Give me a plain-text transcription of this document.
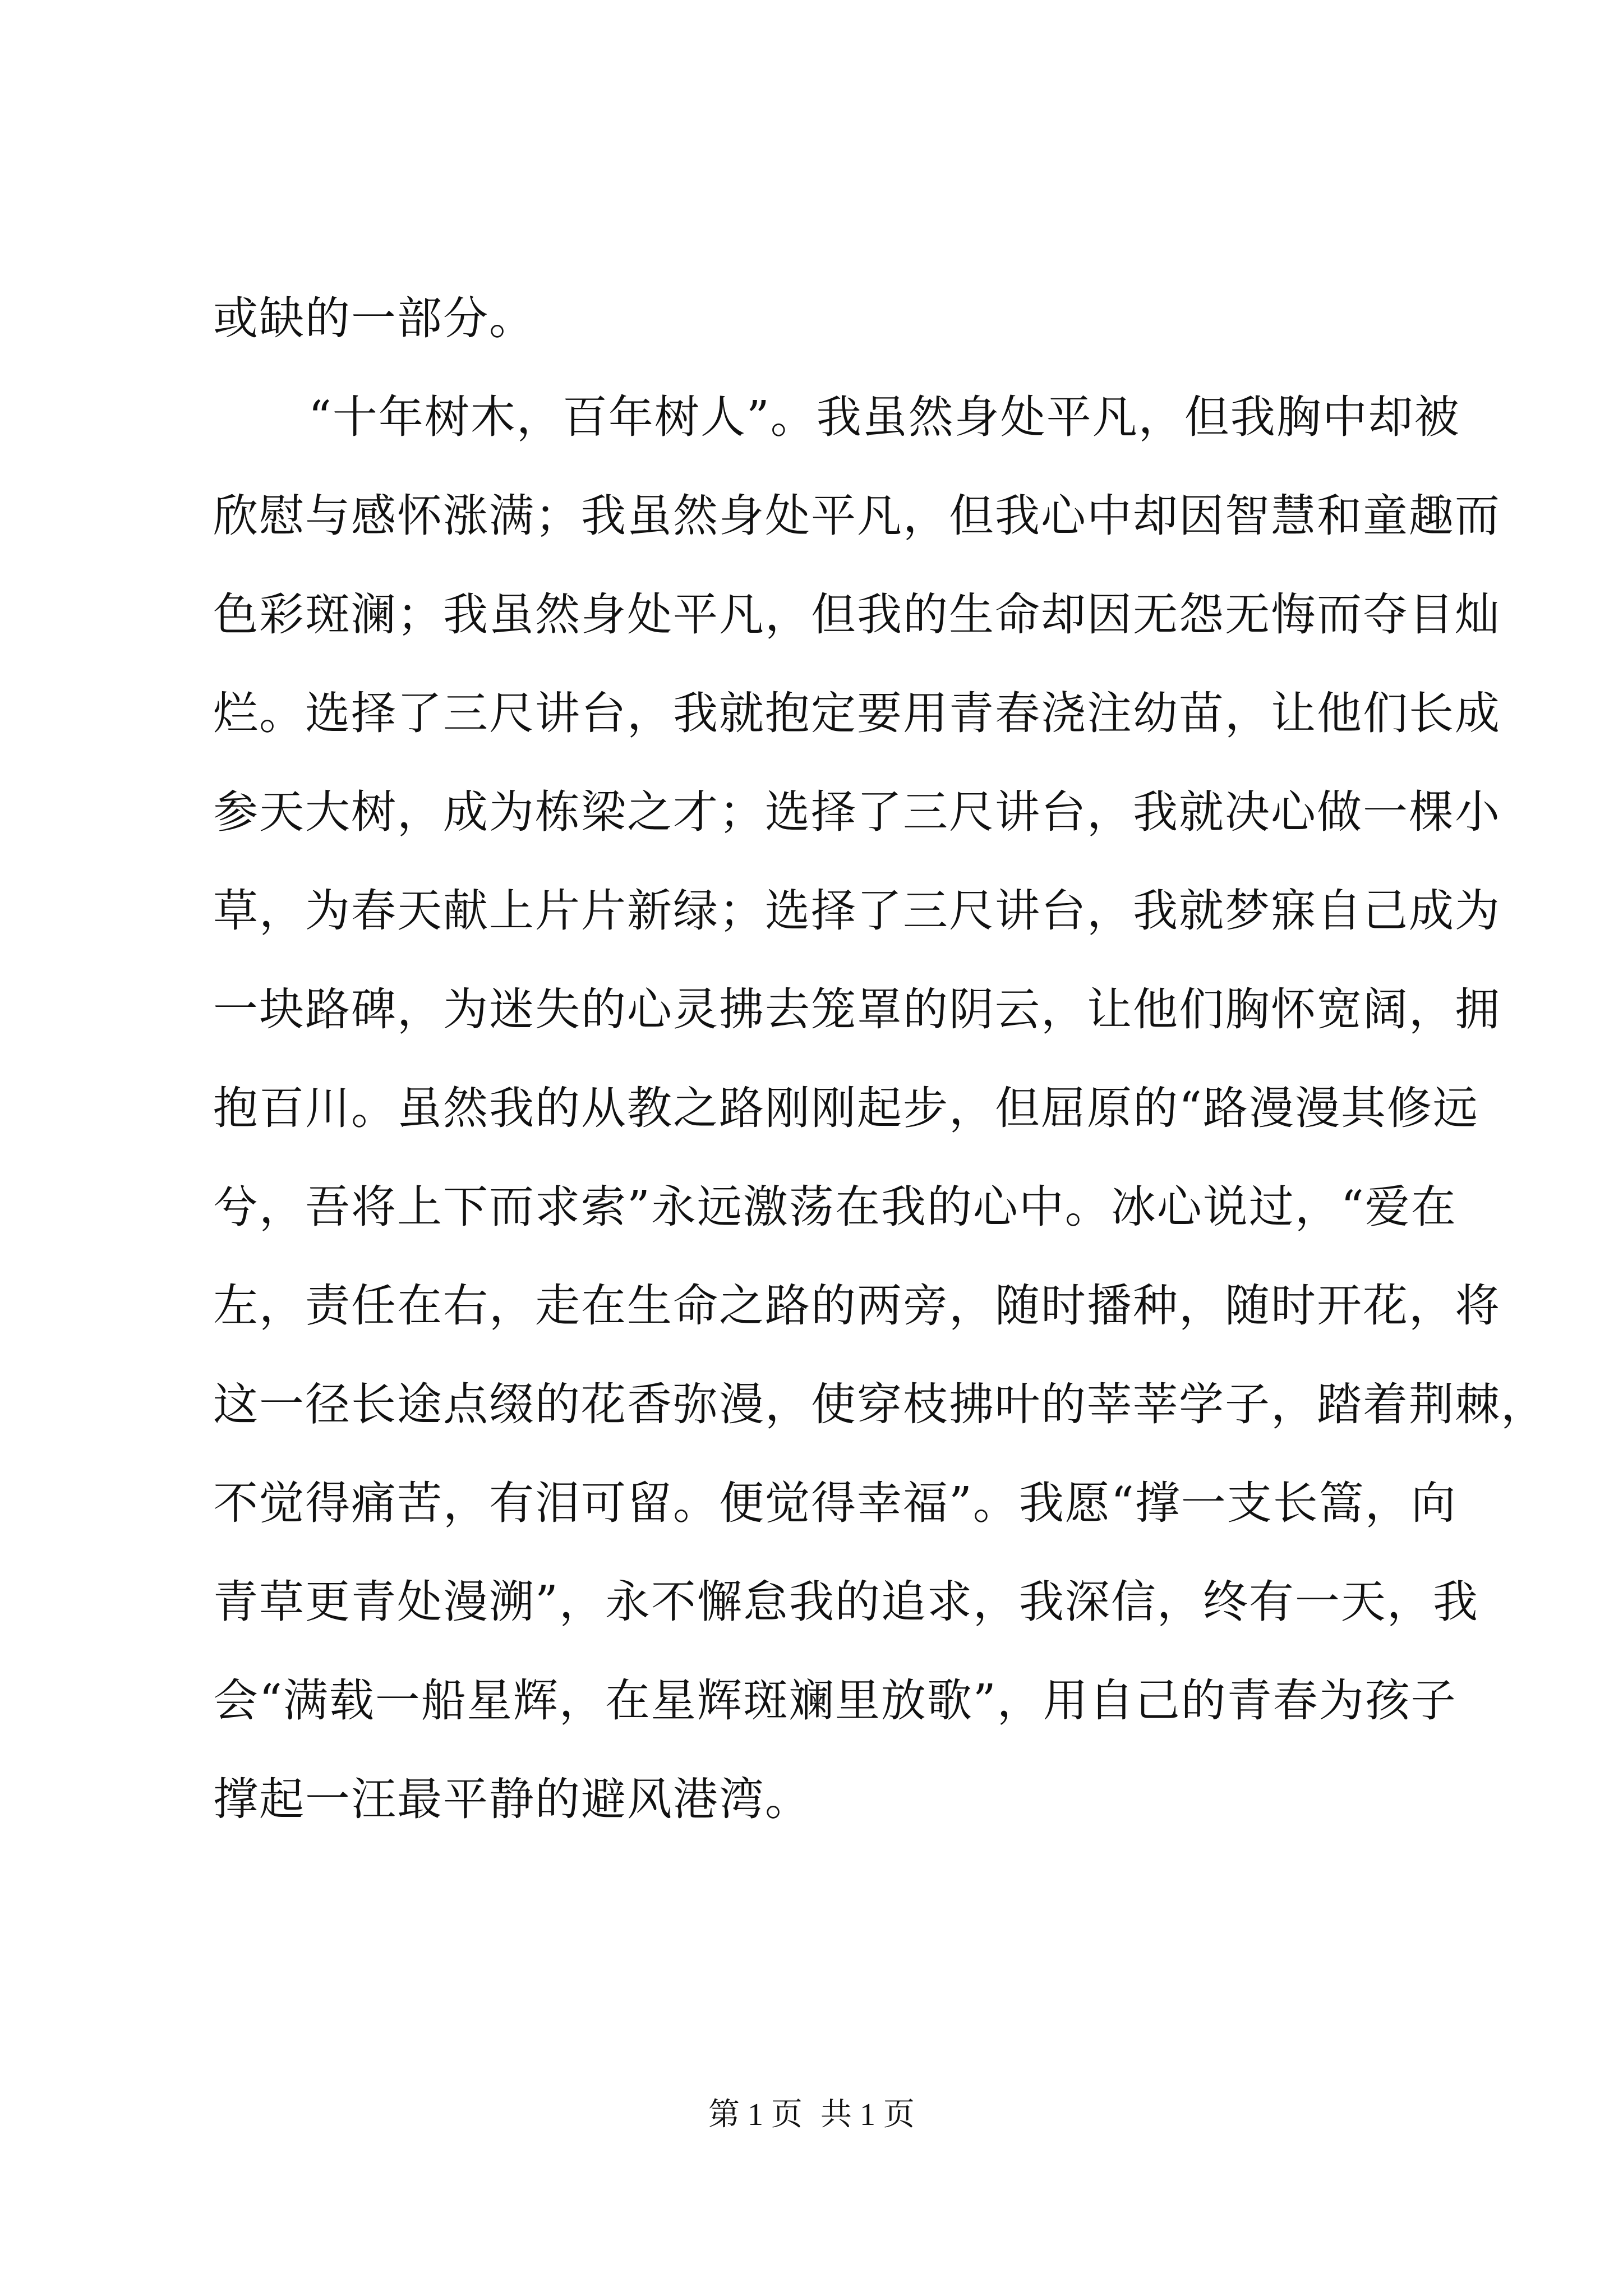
或缺的一部分。
“十年树木，百年树人”。我虽然身处平凡，但我胸中却被
欣慰与感怀涨满；我虽然身处平凡，但我心中却因智慧和童趣而
色彩斑澜；我虽然身处平凡，但我的生命却因无怨无悔而夺目灿
烂。选择了三尺讲台，我就抱定要用青春浇注幼苗，让他们长成
参天大树，成为栋梁之才；选择了三尺讲台，我就决心做一棵小
草，为春天献上片片新绿；选择了三尺讲台，我就梦寐自己成为
一块路碑，为迷失的心灵拂去笼罩的阴云，让他们胸怀宽阔，拥
抱百川。虽然我的从教之路刚刚起步，但屈原的“路漫漫其修远
兮，吾将上下而求索”永远激荡在我的心中。冰心说过，“爱在
左，责任在右，走在生命之路的两旁，随时播种，随时开花，将
这一径长途点缀的花香弥漫，使穿枝拂叶的莘莘学子，踏着荆棘，
不觉得痛苦，有泪可留。便觉得幸福”。我愿“撑一支长篙，向
青草更青处漫溯”，永不懈怠我的追求，我深信，终有一天，我
会“满载一船星辉，在星辉斑斓里放歌”，用自己的青春为孩子
撑起一汪最平静的避风港湾。
第 1 页 共 1 页
